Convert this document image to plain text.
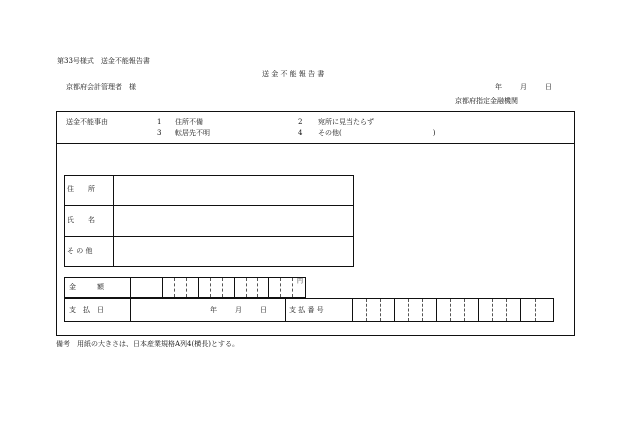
第33号様式　送金不能報告書
送 金 不 能 報 告 書
京都府会計管理者　様	年	月	日
京都府指定金融機関
送金不能事由	1 住所不備	2 宛所に見当たらず
3 転居先不明	4 その他(　　　　　　　　　　　　　)
住　　所
氏　　名
そ の 他
金　　　額
円
支　払　日	年	月	日	支 払 番 号
備考　用紙の大きさは、日本産業規格A列4(横長)とする。
